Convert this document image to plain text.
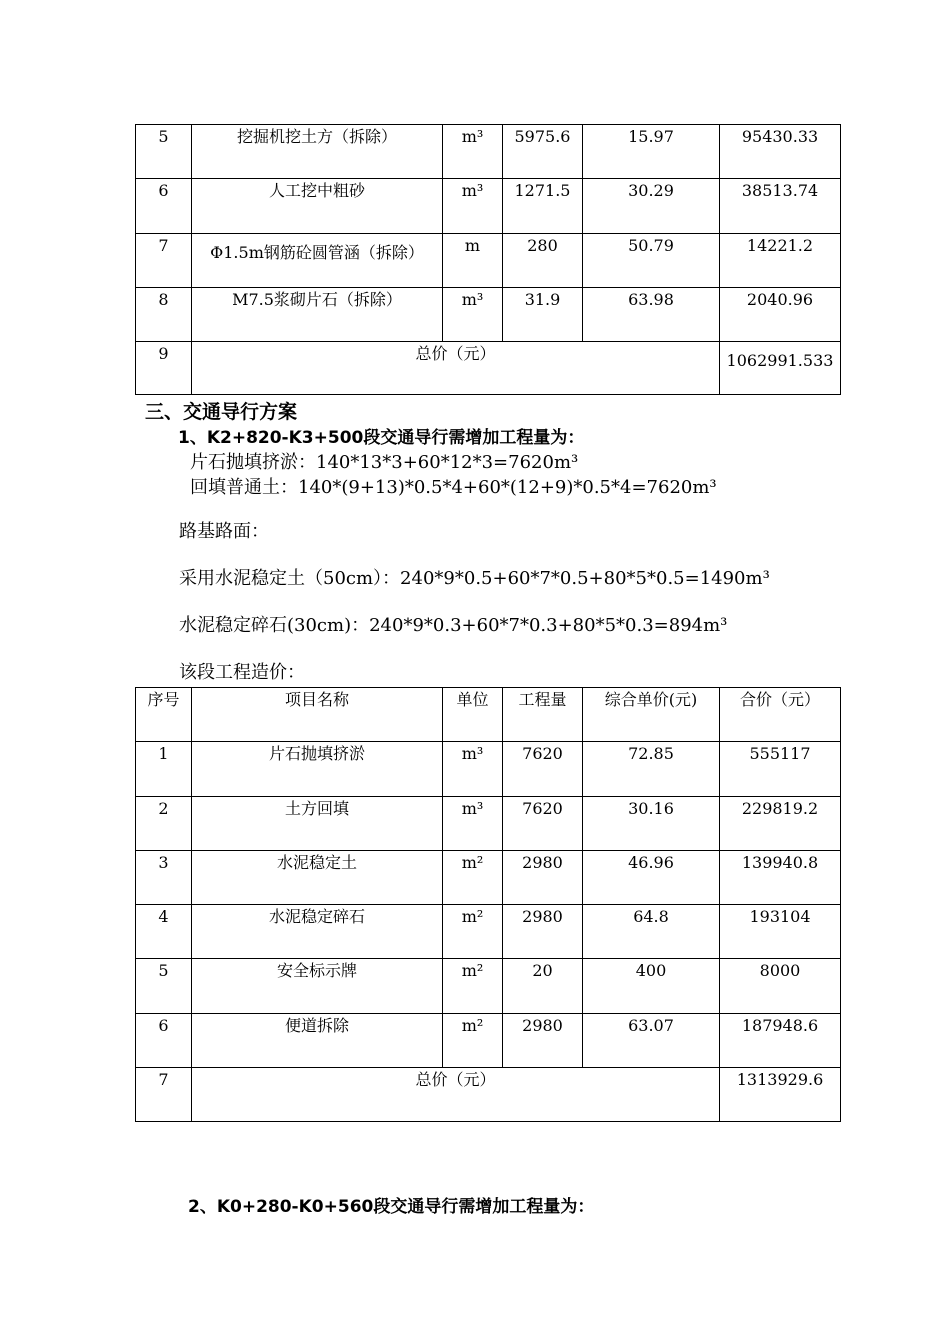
5	挖掘机挖土方（拆除）	m³	5975.6	15.97	95430.33
6	人工挖中粗砂	m³	1271.5	30.29	38513.74
7	Φ1.5m钢筋砼圆管涵（拆除）	m	280	50.79	14221.2
8	M7.5浆砌片石（拆除）	m³	31.9	63.98	2040.96
9	总价（元）				1062991.533
三、交通导行方案
1、K2+820-K3+500段交通导行需增加工程量为：
片石抛填挤淤：140*13*3+60*12*3=7620m³
回填普通土：140*(9+13)*0.5*4+60*(12+9)*0.5*4=7620m³
路基路面：
采用水泥稳定土（50cm）：240*9*0.5+60*7*0.5+80*5*0.5=1490m³
水泥稳定碎石(30cm)：240*9*0.3+60*7*0.3+80*5*0.3=894m³
该段工程造价：
序号	项目名称	单位	工程量	综合单价(元)	合价（元）
1	片石抛填挤淤	m³	7620	72.85	555117
2	土方回填	m³	7620	30.16	229819.2
3	水泥稳定土	m²	2980	46.96	139940.8
4	水泥稳定碎石	m²	2980	64.8	193104
5	安全标示牌	m²	20	400	8000
6	便道拆除	m²	2980	63.07	187948.6
7	总价（元）				1313929.6
2、K0+280-K0+560段交通导行需增加工程量为：
